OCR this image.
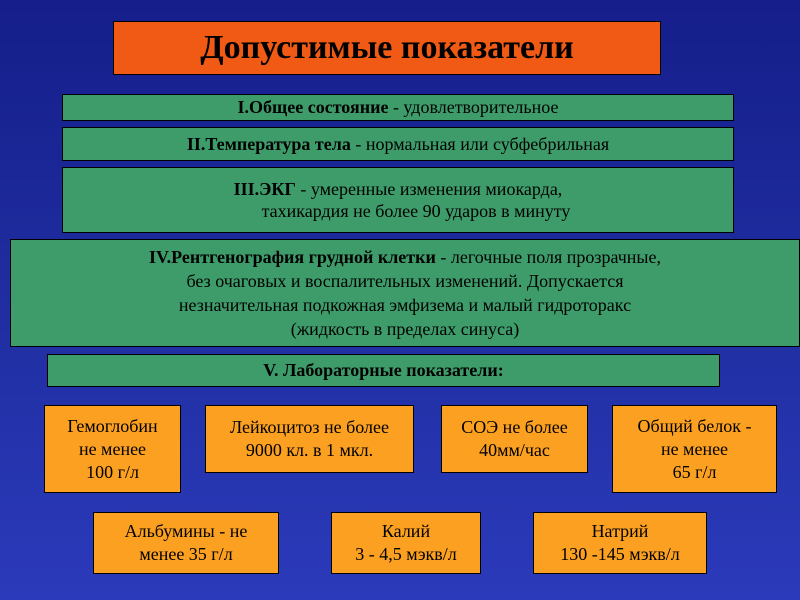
Допустимые показатели
I.Общее состояние - удовлетворительное
II.Температура тела - нормальная или субфебрильная
III.ЭКГ - умеренные изменения миокарда,
тахикардия не более 90 ударов в минуту
IV.Рентгенография грудной клетки - легочные поля прозрачные,
без очаговых и воспалительных изменений. Допускается
незначительная подкожная эмфизема и малый гидроторакс
(жидкость в пределах синуса)
V. Лабораторные показатели:
Гемоглобин
не менее
100 г/л
Лейкоцитоз не более
9000 кл. в 1 мкл.
СОЭ не более
40мм/час
Общий белок -
не менее
65 г/л
Альбумины - не
менее 35 г/л
Калий
3 - 4,5 мэкв/л
Натрий
130 -145 мэкв/л
